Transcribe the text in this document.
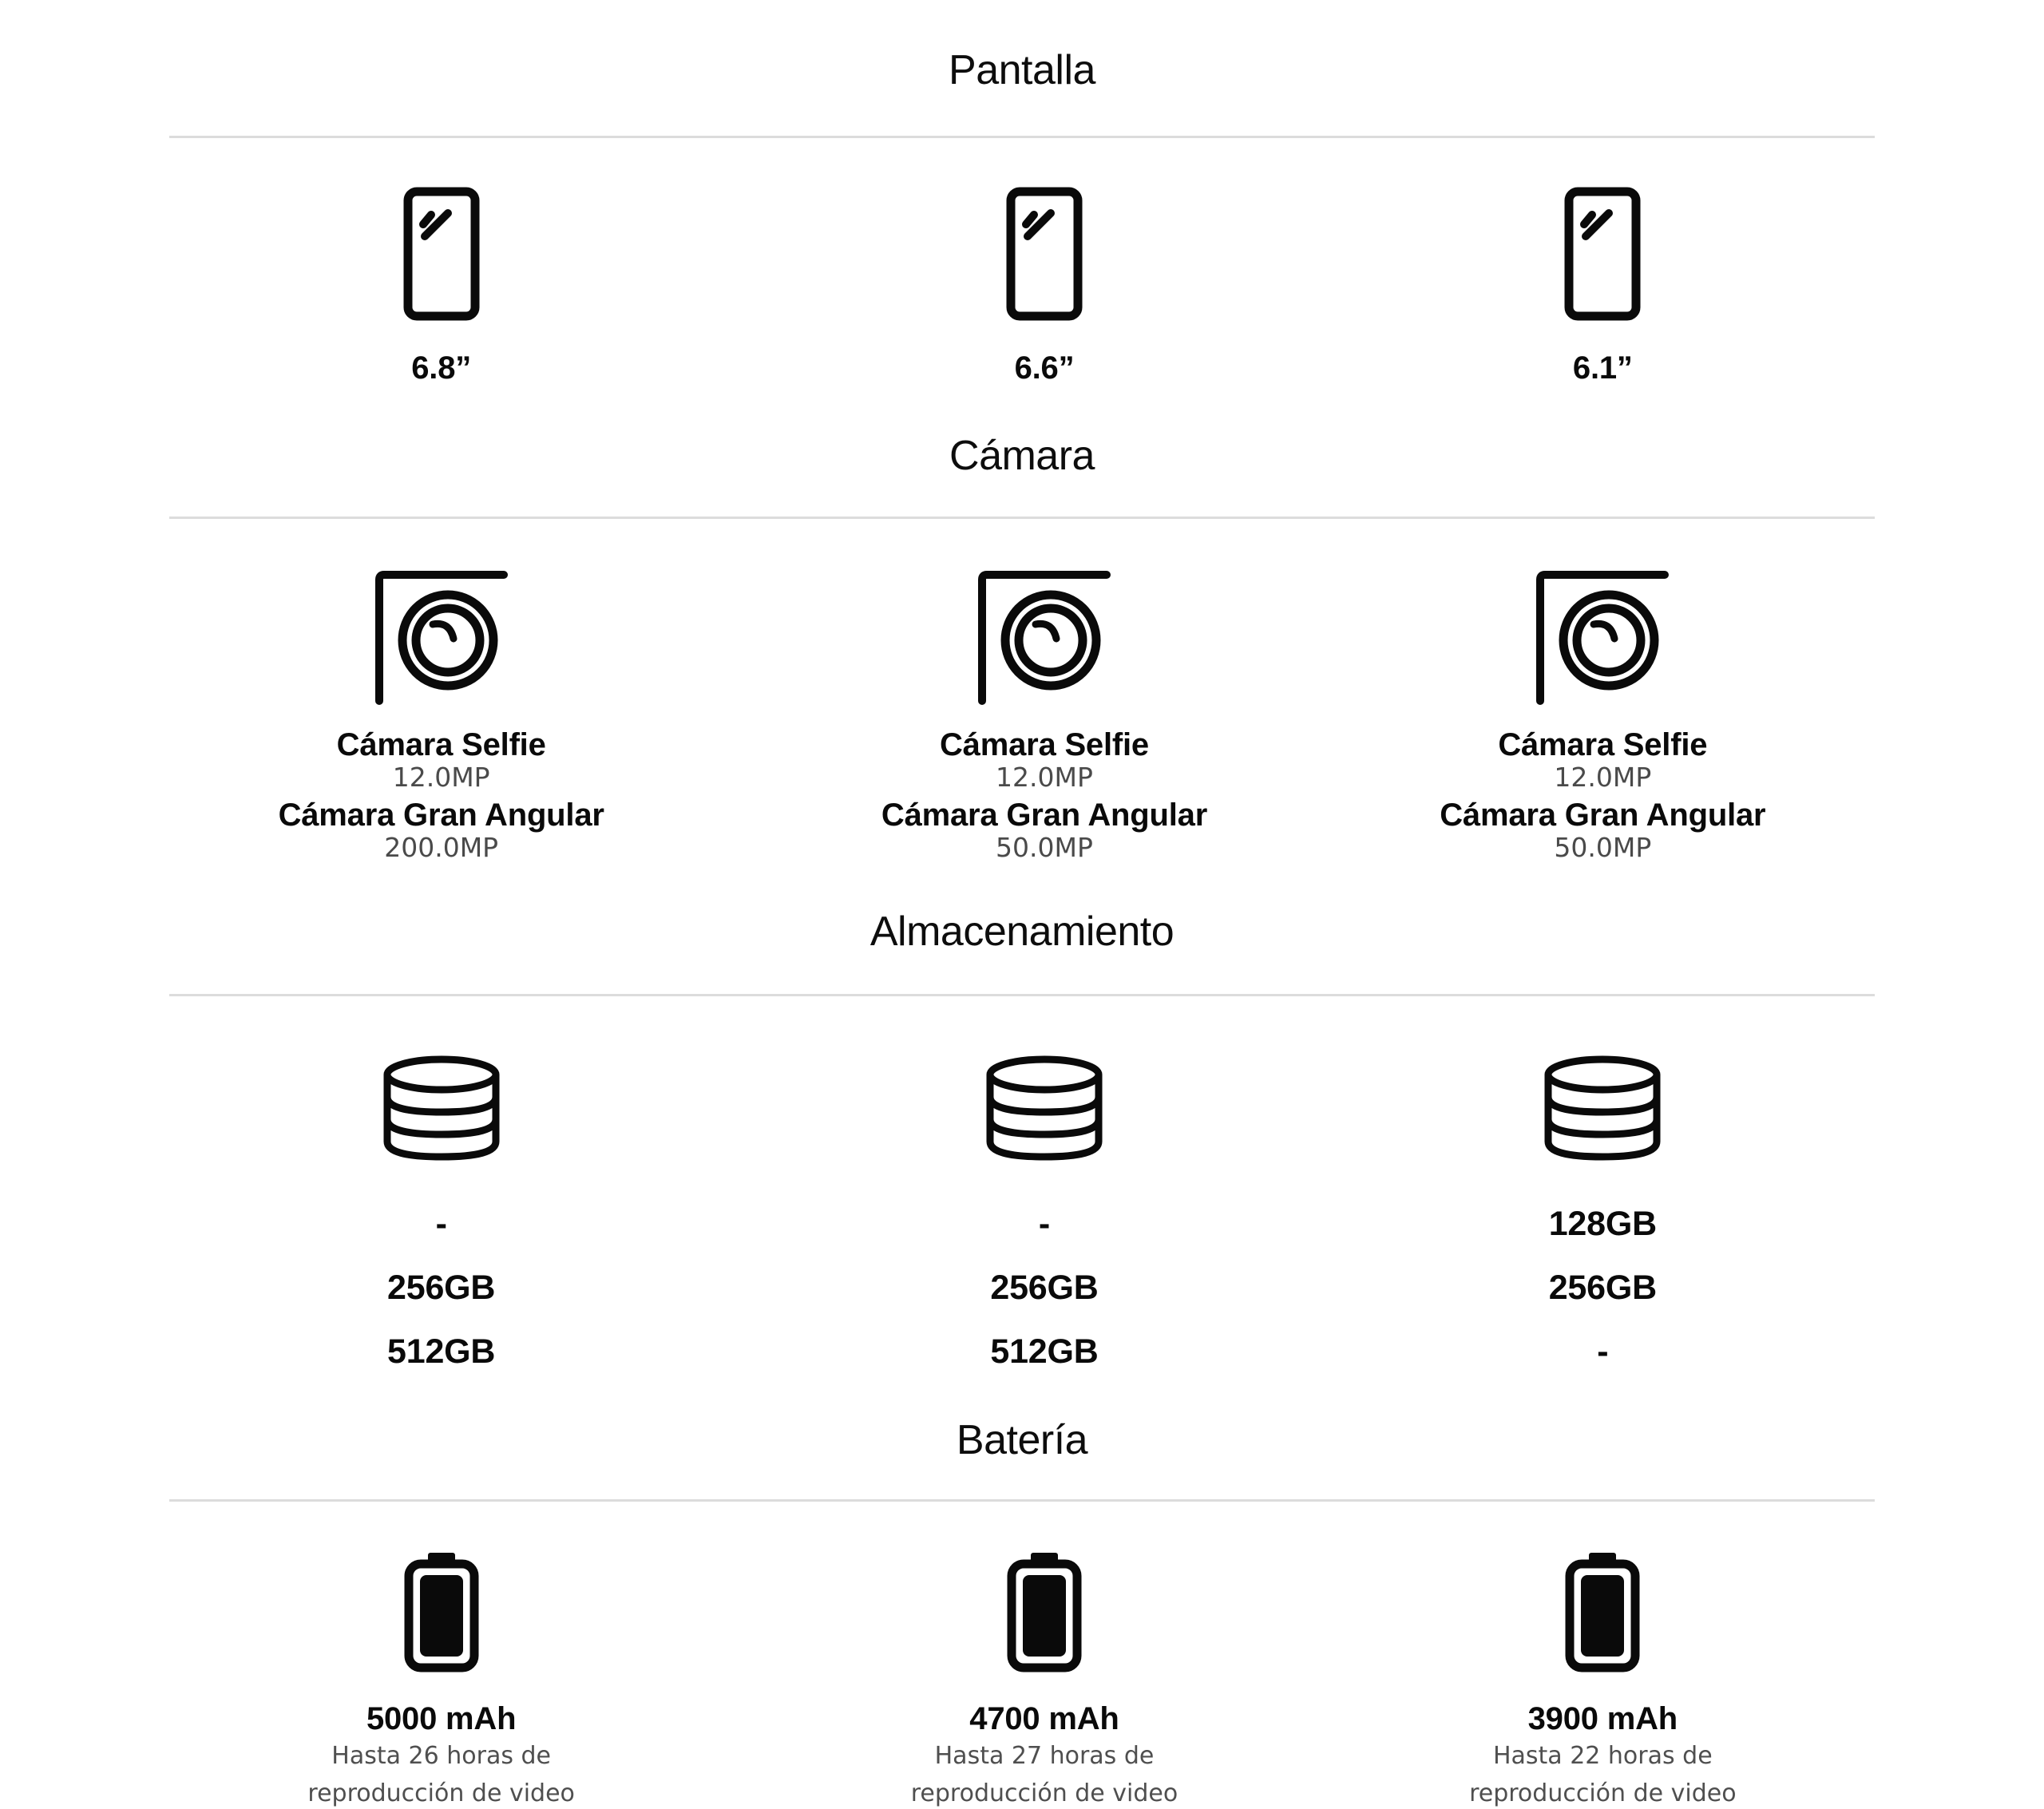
Pantalla
6.8”	6.6”	6.1”
Cámara
Cámara Selfie
12.0MP
Cámara Gran Angular
200.0MP
Cámara Selfie
12.0MP
Cámara Gran Angular
50.0MP
Cámara Selfie
12.0MP
Cámara Gran Angular
50.0MP
Almacenamiento
-
256GB
512GB
-
256GB
512GB
128GB
256GB
-
Batería
5000 mAh
Hasta 26 horas de
reproducción de video
4700 mAh
Hasta 27 horas de
reproducción de video
3900 mAh
Hasta 22 horas de
reproducción de video
